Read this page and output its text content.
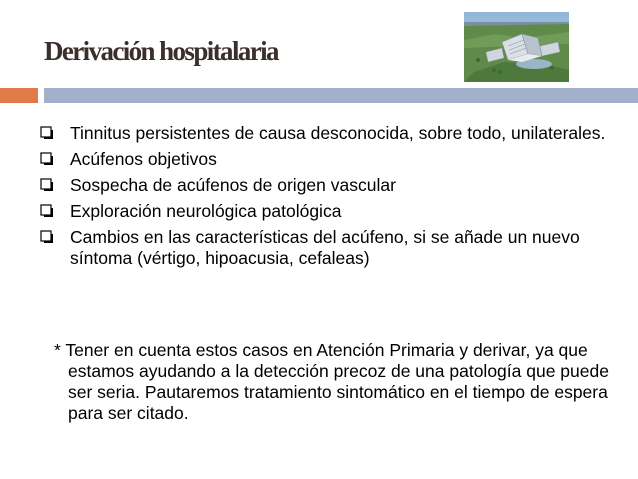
Derivación hospitalaria
Tinnitus persistentes de causa desconocida, sobre todo, unilaterales.
Acúfenos objetivos
Sospecha de acúfenos de origen vascular
Exploración neurológica patológica
Cambios en las características del acúfeno, si se añade un nuevo síntoma (vértigo, hipoacusia, cefaleas)
* Tener en cuenta estos casos en Atención Primaria y derivar, ya que estamos ayudando a la detección precoz de una patología que puede ser seria. Pautaremos tratamiento sintomático en el tiempo de espera para ser citado.
